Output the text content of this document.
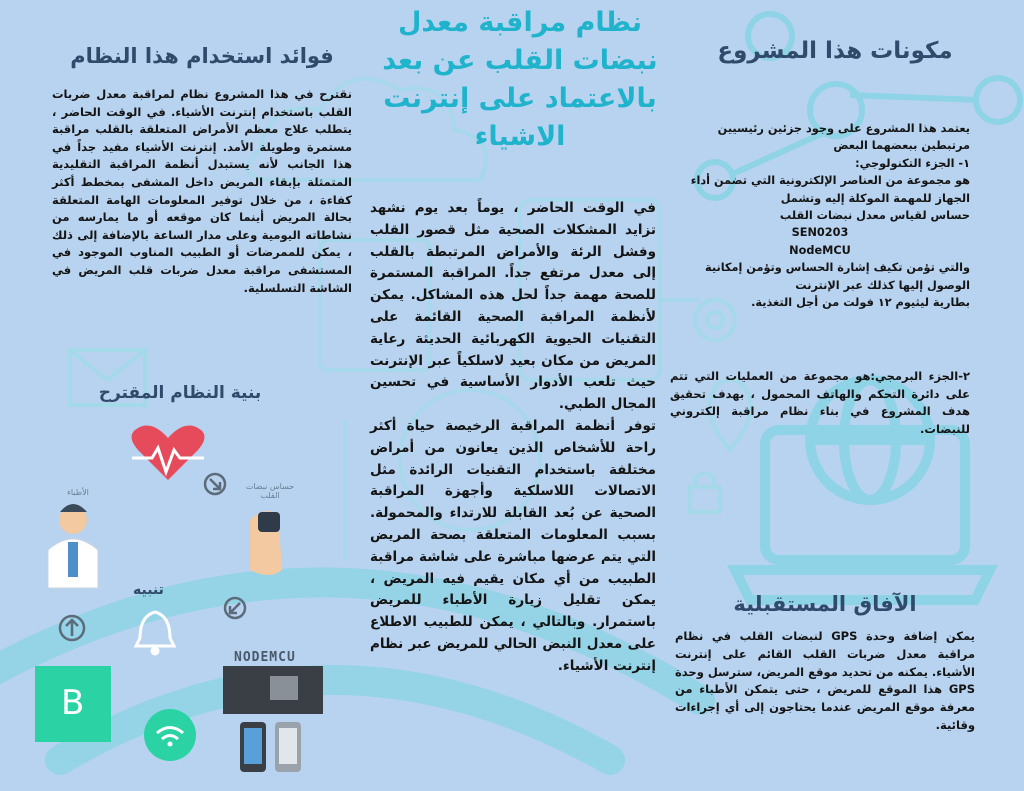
مكونات هذا المشروع

يعتمد هذا المشروع على وجود جزئين رئيسيين

مرتبطين ببعضهما البعض

١- الجزء التكنولوجي:

هو مجموعة من العناصر الإلكترونية التي تضمن أداء

الجهاز للمهمة الموكلة إليه وتشمل

حساس لقياس معدل نبضات القلب

SEN0203

NodeMCU

والتي تؤمن تكيف إشارة الحساس وتؤمن إمكانية

الوصول إليها كذلك عبر الإنترنت

بطارية ليثيوم ١٢ فولت من أجل التغذية.

٢-الجزء البرمجي:هو مجموعة من العمليات التي تتم على دائرة التحكم والهاتف المحمول ، بهدف تحقيق هدف المشروع في بناء نظام مراقبة إلكتروني للنبضات.

الآفاق المستقبلية

يمكن إضافة وحدة GPS لنبضات القلب في نظام مراقبة معدل ضربات القلب القائم على إنترنت الأشياء. يمكنه من تحديد موقع المريض، سترسل وحدة GPS هذا الموقع للمريض ، حتى يتمكن الأطباء من معرفة موقع المريض عندما يحتاجون إلى أي إجراءات وقائية.

نظام مراقبة معدل نبضات القلب عن بعد بالاعتماد على إنترنت الاشياء

في الوقت الحاضر ، يوماً بعد يوم نشهد تزايد المشكلات الصحية مثل قصور القلب وفشل الرئة والأمراض المرتبطة بالقلب إلى معدل مرتفع جداً. المراقبة المستمرة للصحة مهمة جداً لحل هذه المشاكل. يمكن لأنظمة المراقبة الصحية القائمة على التقنيات الحيوية الكهربائية الحديثة رعاية المريض من مكان بعيد لاسلكياً عبر الإنترنت حيث تلعب الأدوار الأساسية في تحسين المجال الطبي.

توفر أنظمة المراقبة الرخيصة حياة أكثر راحة للأشخاص الذين يعانون من أمراض مختلفة باستخدام التقنيات الرائدة مثل الاتصالات اللاسلكية وأجهزة المراقبة الصحية عن بُعد القابلة للارتداء والمحمولة. بسبب المعلومات المتعلقة بصحة المريض التي يتم عرضها مباشرة على شاشة مراقبة الطبيب من أي مكان يقيم فيه المريض ، يمكن تقليل زيارة الأطباء للمريض باستمرار. وبالتالي ، يمكن للطبيب الاطلاع على معدل النبض الحالي للمريض عبر نظام إنترنت الأشياء.

فوائد استخدام هذا النظام

نقترح في هذا المشروع نظام لمراقبة معدل ضربات القلب باستخدام إنترنت الأشياء. في الوقت الحاضر ، يتطلب علاج معظم الأمراض المتعلقة بالقلب مراقبة مستمرة وطويلة الأمد. إنترنت الأشياء مفيد جداً في هذا الجانب لأنه يستبدل أنظمة المراقبة التقليدية المتمثلة بإبقاء المريض داخل المشفى بمخطط أكثر كفاءة ، من خلال توفير المعلومات الهامة المتعلقة بحالة المريض أينما كان موقعه أو ما يمارسه من نشاطاته اليومية وعلى مدار الساعة بالإضافة إلى ذلك ، يمكن للممرضات أو الطبيب المناوب الموجود في المستشفى مراقبة معدل ضربات قلب المريض في الشاشة التسلسلية.

بنية النظام المقترح
الأطباء
حساس نبضات القلب
تنبيه
NODEMCU
B
